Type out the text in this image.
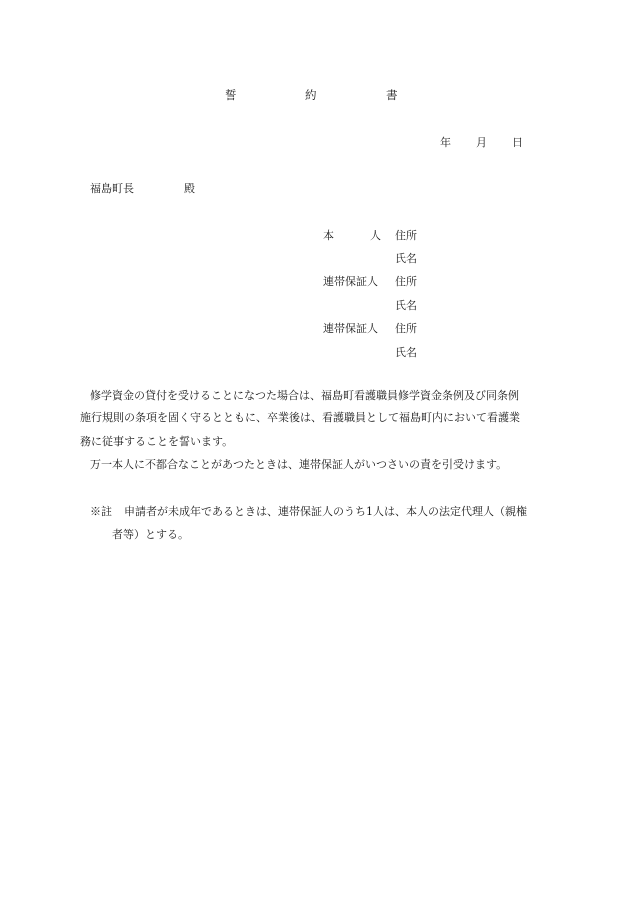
誓	約	書
年 月 日
福島町長	殿
本	人 住所
氏名
連帯保証人 住所
氏名
連帯保証人 住所
氏名
修学資金の貸付を受けることになつた場合は、福島町看護職員修学資金条例及び同条例
施行規則の条項を固く守るとともに、卒業後は、看護職員として福島町内において看護業
務に従事することを誓います。
万一本人に不都合なことがあつたときは、連帯保証人がいつさいの責を引受けます。
※註 申請者が未成年であるときは、連帯保証人のうち1人は、本人の法定代理人（親権
者等）とする。
